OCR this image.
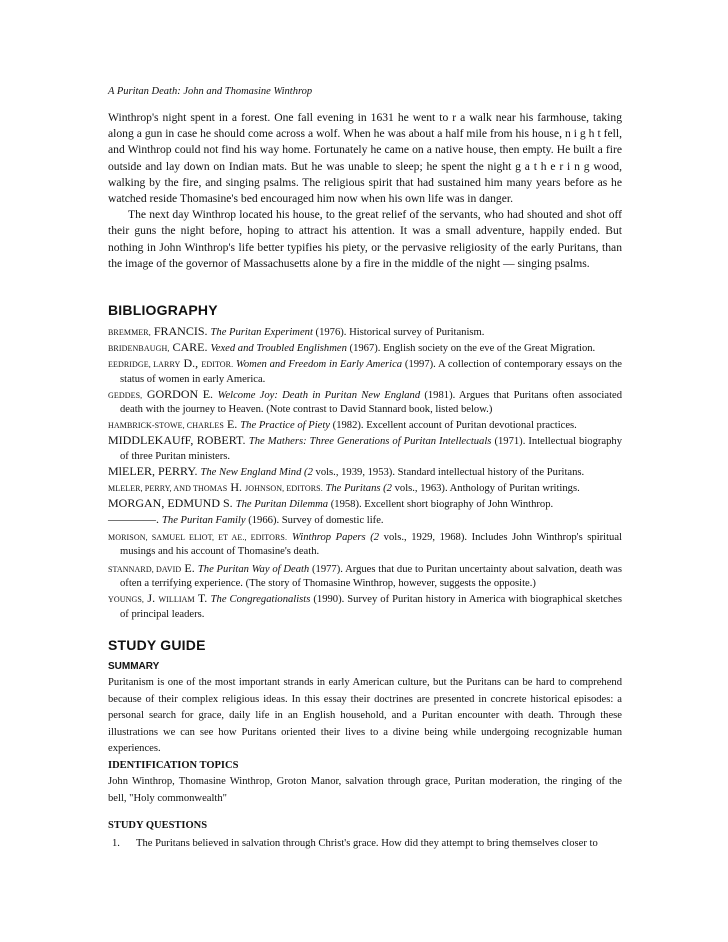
A Puritan Death: John and Thomasine Winthrop

Winthrop's night spent in a forest. One fall evening in 1631 he went to r a walk near his farmhouse, taking along a gun in case he should come across a wolf. When he was about a half mile from his house, n i g h t fell, and Winthrop could not find his way home. Fortunately he came on a native house, then empty. He built a fire outside and lay down on Indian mats. But he was unable to sleep; he spent the night g a t h e r i n g wood, walking by the fire, and singing psalms. The religious spirit that had sustained him many years before as he watched reside Thomasine's bed encouraged him now when his own life was in danger.

The next day Winthrop located his house, to the great relief of the servants, who had shouted and shot off their guns the night before, hoping to attract his attention. It was a small adventure, happily ended. But nothing in John Winthrop's life better typifies his piety, or the pervasive religiosity of the early Puritans, than the image of the governor of Massachusetts alone by a fire in the middle of the night — singing psalms.

BIBLIOGRAPHY
BREMMER, FRANCIS. The Puritan Experiment (1976). Historical survey of Puritanism.
BRIDENBAUGH, CARE. Vexed and Troubled Englishmen (1967). English society on the eve of the Great Migration.
EEDRIDGE, LARRY D., EDITOR. Women and Freedom in Early America (1997). A collection of contemporary essays on the status of women in early America.
GEDDES, GORDON E. Welcome Joy: Death in Puritan New England (1981). Argues that Puritans often associated death with the journey to Heaven. (Note contrast to David Stannard book, listed below.)
HAMBRICK-STOWE, CHARLES E. The Practice of Piety (1982). Excellent account of Puritan devotional practices.
MIDDLEKAUfF, ROBERT. The Mathers: Three Generations of Puritan Intellectuals (1971). Intellectual biography of three Puritan ministers.
MlELER, PERRY. The New England Mind (2 vols., 1939, 1953). Standard intellectual history of the Puritans.
MLELER, PERRY, AND THOMAS H. JOHNSON, EDITORS. The Puritans (2 vols., 1963). Anthology of Puritan writings.
MORGAN, EDMUND S. The Puritan Dilemma (1958). Excellent short biography of John Winthrop.
————. The Puritan Family (1966). Survey of domestic life.
MORISON, SAMUEL ELIOT, ET AE., EDITORS. Winthrop Papers (2 vols., 1929, 1968). Includes John Winthrop's spiritual musings and his account of Thomasine's death.
STANNARD, DAVID E. The Puritan Way of Death (1977). Argues that due to Puritan uncertainty about salvation, death was often a terrifying experience. (The story of Thomasine Winthrop, however, suggests the opposite.)
YOUNGS, J. WILLIAM T. The Congregationalists (1990). Survey of Puritan history in America with biographical sketches of principal leaders.
STUDY GUIDE
SUMMARY
Puritanism is one of the most important strands in early American culture, but the Puritans can be hard to comprehend because of their complex religious ideas. In this essay their doctrines are presented in concrete historical episodes: a personal search for grace, daily life in an English household, and a Puritan encounter with death. Through these illustrations we can see how Puritans oriented their lives to a divine being while undergoing recognizable human experiences.
IDENTIFICATION TOPICS
John Winthrop, Thomasine Winthrop, Groton Manor, salvation through grace, Puritan moderation, the ringing of the bell, "Holy commonwealth"
STUDY QUESTIONS
1.	The Puritans believed in salvation through Christ's grace. How did they attempt to bring themselves closer to
